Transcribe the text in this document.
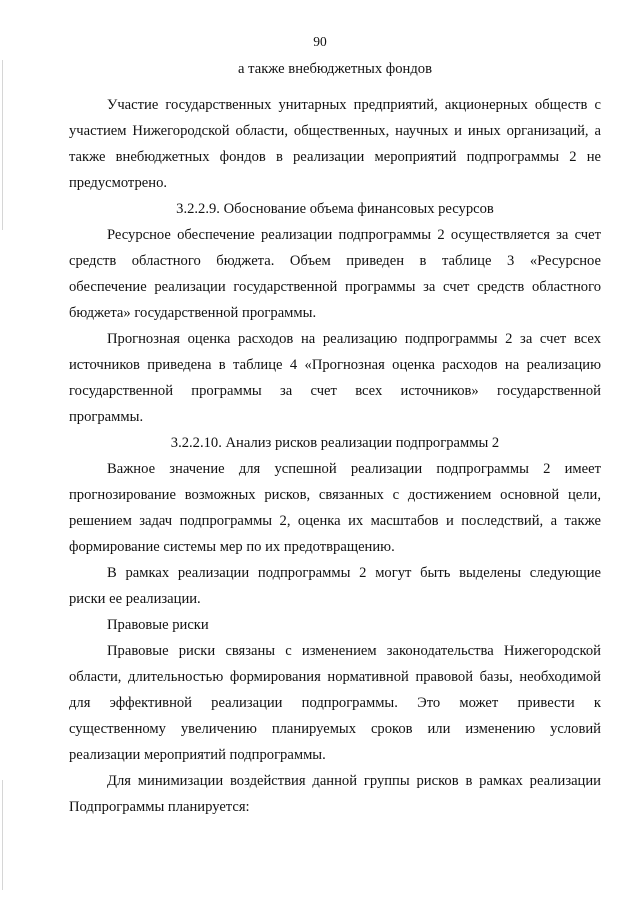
90
а также внебюджетных фондов
Участие государственных унитарных предприятий, акционерных обществ с
участием Нижегородской области, общественных, научных и иных организаций, а
также внебюджетных фондов в реализации мероприятий подпрограммы 2 не
предусмотрено.
3.2.2.9. Обоснование объема финансовых ресурсов
Ресурсное обеспечение реализации подпрограммы 2 осуществляется за счет
средств областного бюджета. Объем приведен в таблице 3 «Ресурсное
обеспечение реализации государственной программы за счет средств областного
бюджета» государственной программы.
Прогнозная оценка расходов на реализацию подпрограммы 2 за счет всех
источников приведена в таблице 4 «Прогнозная оценка расходов на реализацию
государственной программы за счет всех источников» государственной
программы.
3.2.2.10. Анализ рисков реализации подпрограммы 2
Важное значение для успешной реализации подпрограммы 2 имеет
прогнозирование возможных рисков, связанных с достижением основной цели,
решением задач подпрограммы 2, оценка их масштабов и последствий, а также
формирование системы мер по их предотвращению.
В рамках реализации подпрограммы 2 могут быть выделены следующие
риски ее реализации.
Правовые риски
Правовые риски связаны с изменением законодательства Нижегородской
области, длительностью формирования нормативной правовой базы, необходимой
для эффективной реализации подпрограммы. Это может привести к
существенному увеличению планируемых сроков или изменению условий
реализации мероприятий подпрограммы.
Для минимизации воздействия данной группы рисков в рамках реализации
Подпрограммы планируется:
